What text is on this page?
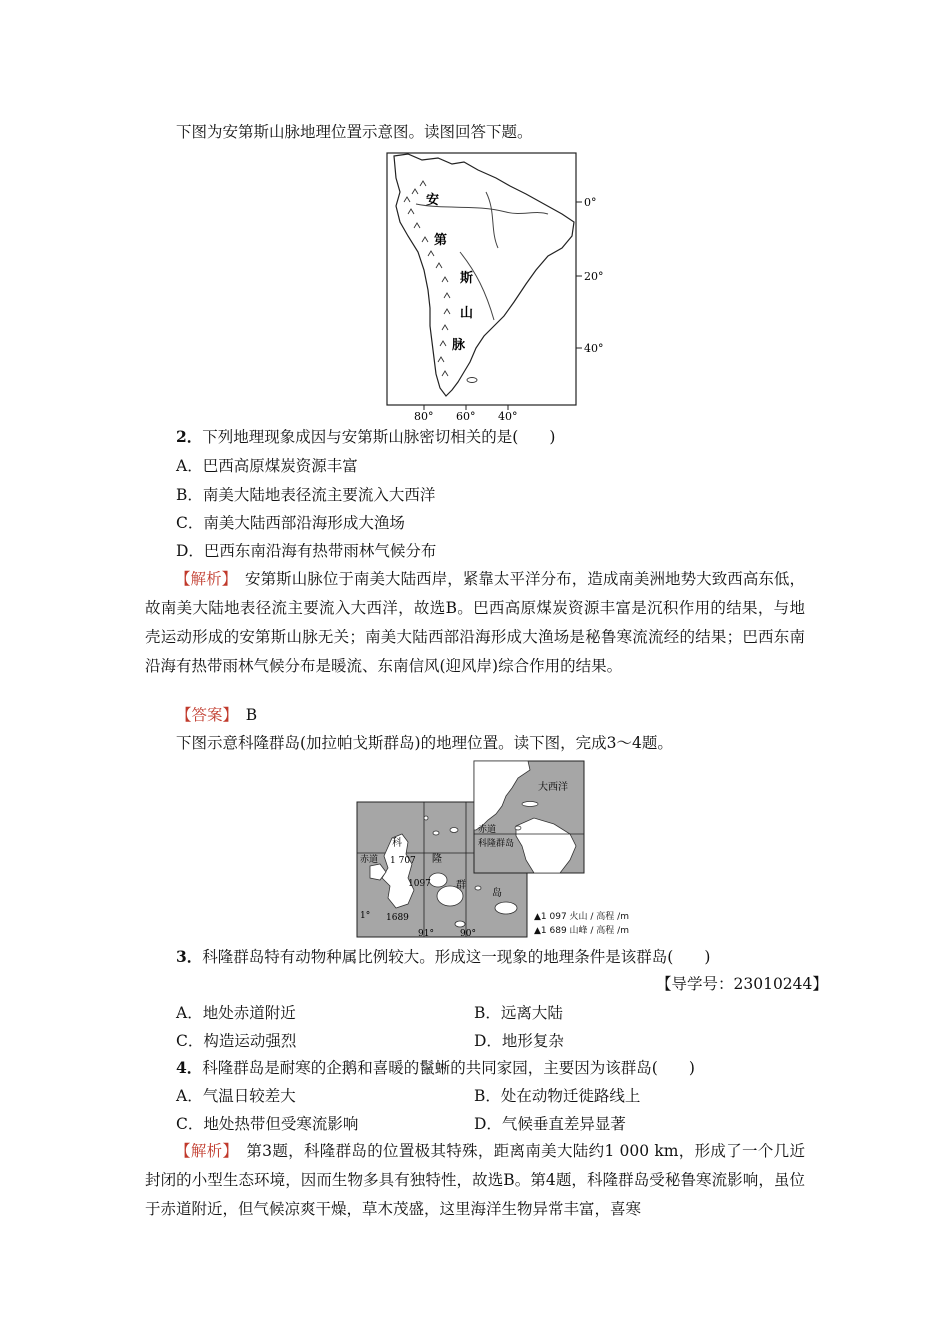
下图为安第斯山脉地理位置示意图。读图回答下题。
安
第
斯
山
脉
0°
20°
40°
80° 60° 40°
2．下列地理现象成因与安第斯山脉密切相关的是(　　)
A．巴西高原煤炭资源丰富
B．南美大陆地表径流主要流入大西洋
C．南美大陆西部沿海形成大渔场
D．巴西东南沿海有热带雨林气候分布
【解析】　安第斯山脉位于南美大陆西岸，紧靠太平洋分布，造成南美洲地势大致西高东低，故南美大陆地表径流主要流入大西洋，故选B。巴西高原煤炭资源丰富是沉积作用的结果，与地壳运动形成的安第斯山脉无关；南美大陆西部沿海形成大渔场是秘鲁寒流流经的结果；巴西东南沿海有热带雨林气候分布是暖流、东南信风(迎风岸)综合作用的结果。
【答案】　B
下图示意科隆群岛(加拉帕戈斯群岛)的地理位置。读下图，完成3～4题。
科
隆
群
岛
赤道 1 707
1097
1689
1°
91°	90°
大西洋
赤道
科隆群岛
▲1 097 火山 / 高程 /m
▲1 689 山峰 / 高程 /m
3．科隆群岛特有动物种属比例较大。形成这一现象的地理条件是该群岛(　　)
【导学号：23010244】
A．地处赤道附近	B．远离大陆
C．构造运动强烈	D．地形复杂
4．科隆群岛是耐寒的企鹅和喜暖的鬣蜥的共同家园，主要因为该群岛(　　)
A．气温日较差大	B．处在动物迁徙路线上
C．地处热带但受寒流影响	D．气候垂直差异显著
【解析】　第3题，科隆群岛的位置极其特殊，距离南美大陆约1 000 km，形成了一个几近封闭的小型生态环境，因而生物多具有独特性，故选B。第4题，科隆群岛受秘鲁寒流影响，虽位于赤道附近，但气候凉爽干燥，草木茂盛，这里海洋生物异常丰富，喜寒
